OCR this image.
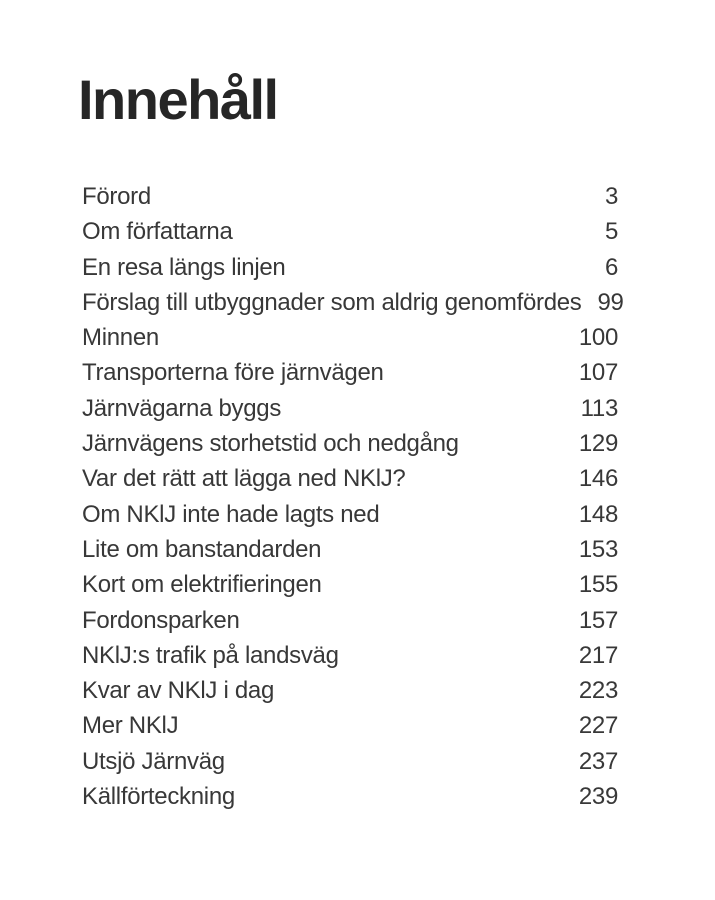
Innehåll
Förord	3
Om författarna	5
En resa längs linjen	6
Förslag till utbyggnader som aldrig genomfördes 99
Minnen	100
Transporterna före järnvägen	107
Järnvägarna byggs	113
Järnvägens storhetstid och nedgång	129
Var det rätt att lägga ned NKlJ?	146
Om NKlJ inte hade lagts ned	148
Lite om banstandarden	153
Kort om elektrifieringen	155
Fordonsparken	157
NKlJ:s trafik på landsväg	217
Kvar av NKlJ i dag	223
Mer NKlJ	227
Utsjö Järnväg	237
Källförteckning	239
